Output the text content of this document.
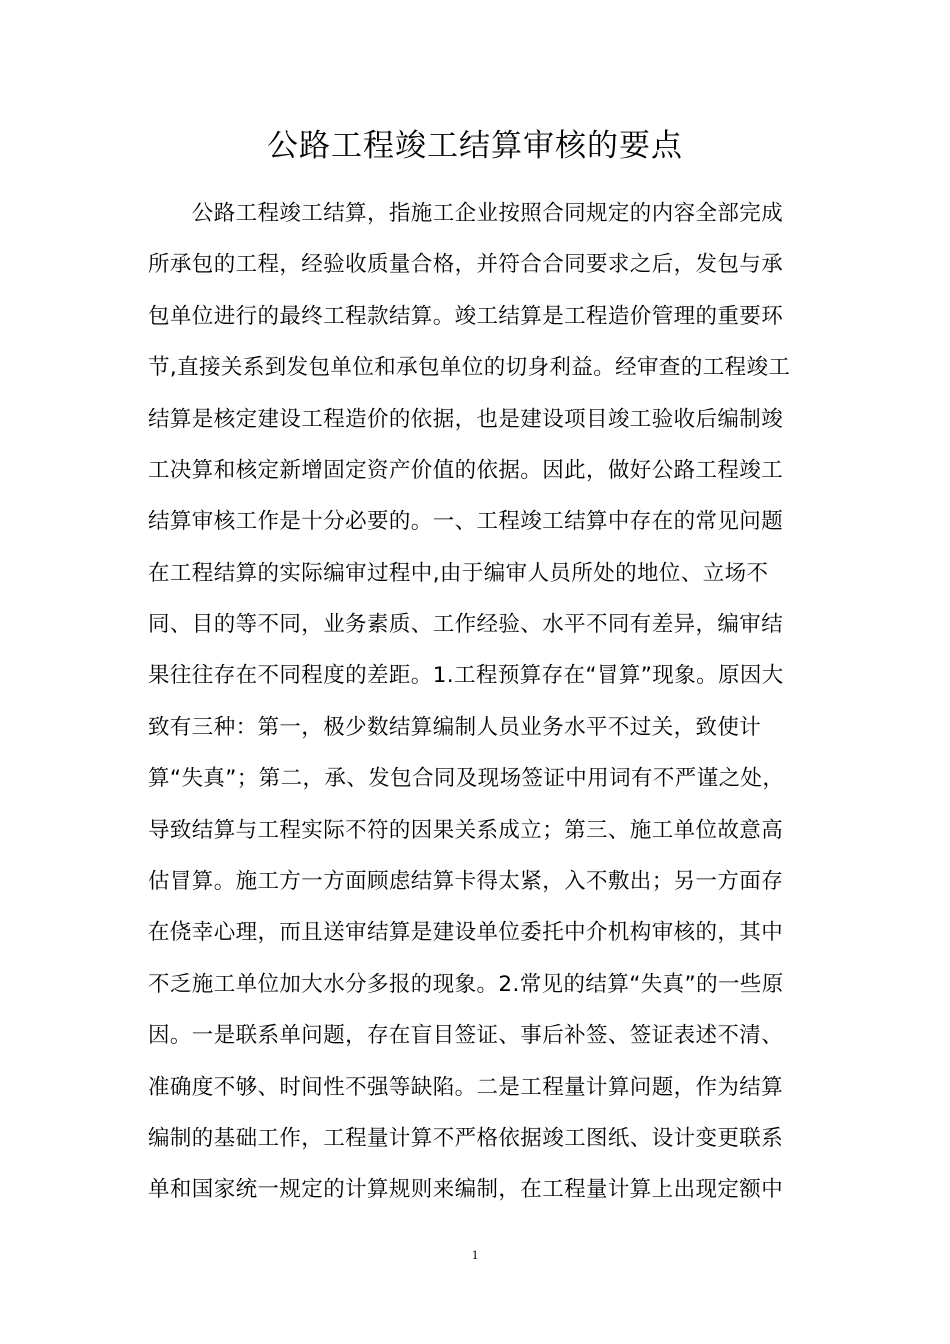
公路工程竣工结算审核的要点
　　公路工程竣工结算，指施工企业按照合同规定的内容全部完成
所承包的工程，经验收质量合格，并符合合同要求之后，发包与承
包单位进行的最终工程款结算。竣工结算是工程造价管理的重要环
节,直接关系到发包单位和承包单位的切身利益。经审查的工程竣工
结算是核定建设工程造价的依据，也是建设项目竣工验收后编制竣
工决算和核定新增固定资产价值的依据。因此，做好公路工程竣工
结算审核工作是十分必要的。一、工程竣工结算中存在的常见问题
在工程结算的实际编审过程中,由于编审人员所处的地位、立场不
同、目的等不同，业务素质、工作经验、水平不同有差异，编审结
果往往存在不同程度的差距。1.工程预算存在“冒算”现象。原因大
致有三种：第一，极少数结算编制人员业务水平不过关，致使计
算“失真”；第二，承、发包合同及现场签证中用词有不严谨之处，
导致结算与工程实际不符的因果关系成立；第三、施工单位故意高
估冒算。施工方一方面顾虑结算卡得太紧，入不敷出；另一方面存
在侥幸心理，而且送审结算是建设单位委托中介机构审核的，其中
不乏施工单位加大水分多报的现象。2.常见的结算“失真”的一些原
因。一是联系单问题，存在盲目签证、事后补签、签证表述不清、
准确度不够、时间性不强等缺陷。二是工程量计算问题，作为结算
编制的基础工作，工程量计算不严格依据竣工图纸、设计变更联系
单和国家统一规定的计算规则来编制，在工程量计算上出现定额中
1
